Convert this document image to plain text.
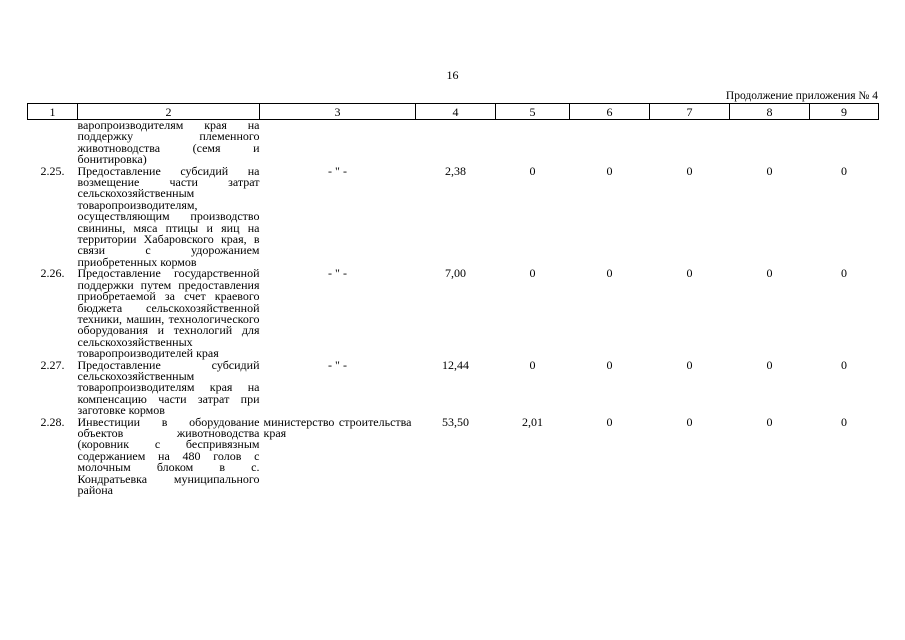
16
Продолжение приложения № 4
1	2	3	4	5	6	7	8	9
	варопроизводителям края на поддержку племенного животноводства (семя и бонитировка)							
2.25.	Предоставление субсидий на возмещение части затрат сельскохозяйственным товаропроизводителям, осуществляющим производство свинины, мяса птицы и яиц на территории Хабаровского края, в связи с удорожанием приобретенных кормов	- " -	2,38	0	0	0	0	0
2.26.	Предоставление государственной поддержки путем предоставления приобретаемой за счет краевого бюджета сельскохозяйственной техники, машин, технологического оборудования и технологий для сельскохозяйственных товаропроизводителей края	- " -	7,00	0	0	0	0	0
2.27.	Предоставление субсидий сельскохозяйственным товаропроизводителям края на компенсацию части затрат при заготовке кормов	- " -	12,44	0	0	0	0	0
2.28.	Инвестиции в оборудование объектов животноводства (коровник с беспривязным содержанием на 480 голов с молочным блоком в с. Кондратьевка муниципального района	министерство строительства края	53,50	2,01	0	0	0	0
